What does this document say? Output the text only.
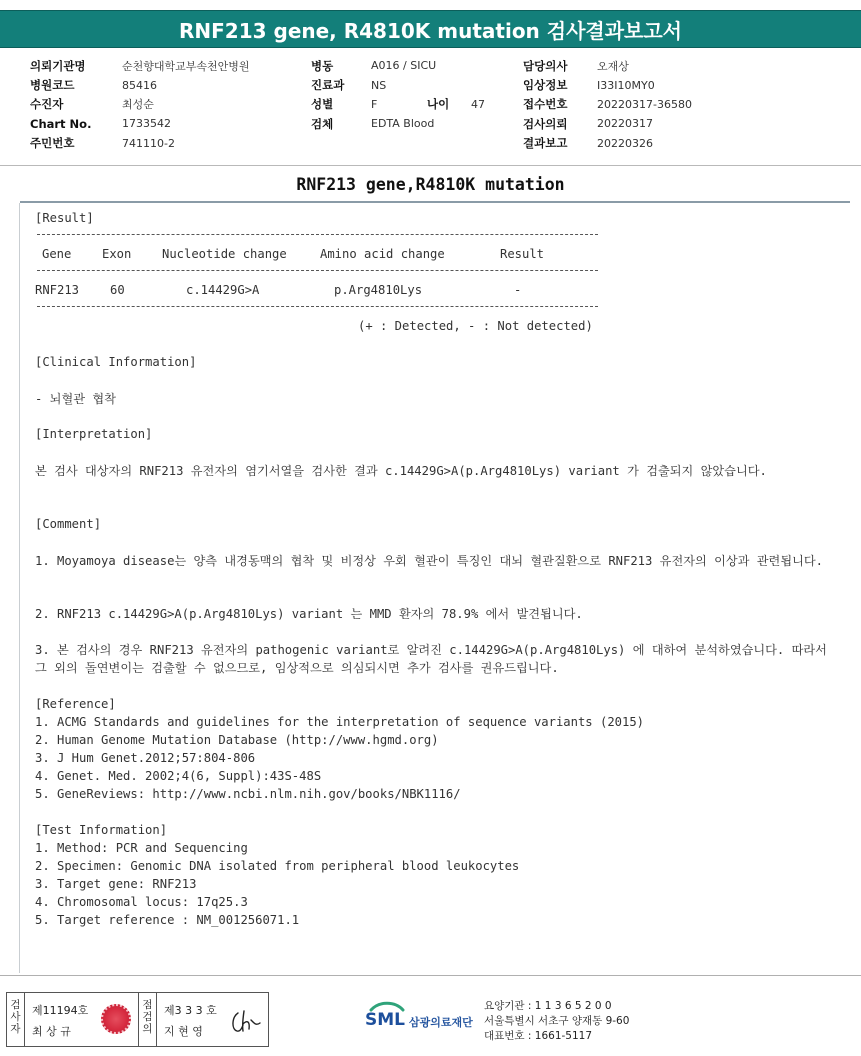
RNF213 gene, R4810K mutation 검사결과보고서
의뢰기관명	순천향대학교부속천안병원
병원코드	85416
수진자	최성순
Chart No.	1733542
주민번호	741110-2
병동	A016 / SICU
진료과	NS
성별	F	나이	47
검체	EDTA Blood
담당의사	오재상
임상정보	I33I10MY0
접수번호	20220317-36580
검사의뢰	20220317
결과보고	20220326
RNF213 gene,R4810K mutation
[Result]
Gene	Exon	Nucleotide change	Amino acid change	Result
RNF213	60	c.14429G>A	p.Arg4810Lys	-
(+ : Detected, - : Not detected)
[Clinical Information]
- 뇌혈관 협착
[Interpretation]
본 검사 대상자의 RNF213 유전자의 염기서열을 검사한 결과 c.14429G>A(p.Arg4810Lys) variant 가 검출되지 않았습니다.
[Comment]
1. Moyamoya disease는 양측 내경동맥의 협착 및 비정상 우회 혈관이 특징인 대뇌 혈관질환으로 RNF213 유전자의 이상과 관련됩니다.
2. RNF213 c.14429G>A(p.Arg4810Lys) variant 는 MMD 환자의 78.9% 에서 발견됩니다.
3. 본 검사의 경우 RNF213 유전자의 pathogenic variant로 알려진 c.14429G>A(p.Arg4810Lys) 에 대하여 분석하였습니다. 따라서 그 외의 돌연변이는 검출할 수 없으므로, 임상적으로 의심되시면 추가 검사를 권유드립니다.
[Reference]
1. ACMG Standards and guidelines for the interpretation of sequence variants (2015)
2. Human Genome Mutation Database (http://www.hgmd.org)
3. J Hum Genet.2012;57:804-806
4. Genet. Med. 2002;4(6, Suppl):43S-48S
5. GeneReviews: http://www.ncbi.nlm.nih.gov/books/NBK1116/
[Test Information]
1. Method: PCR and Sequencing
2. Specimen: Genomic DNA isolated from peripheral blood leukocytes
3. Target gene: RNF213
4. Chromosomal locus: 17q25.3
5. Target reference : NM_001256071.1
검사자
제11194호
최 상 규
점검의
제3 3 3 호
지 현 영
SML 삼광의료재단
요양기관 : 1 1 3 6 5 2 0 0
서울특별시 서초구 양재동 9-60
대표번호 : 1661-5117
